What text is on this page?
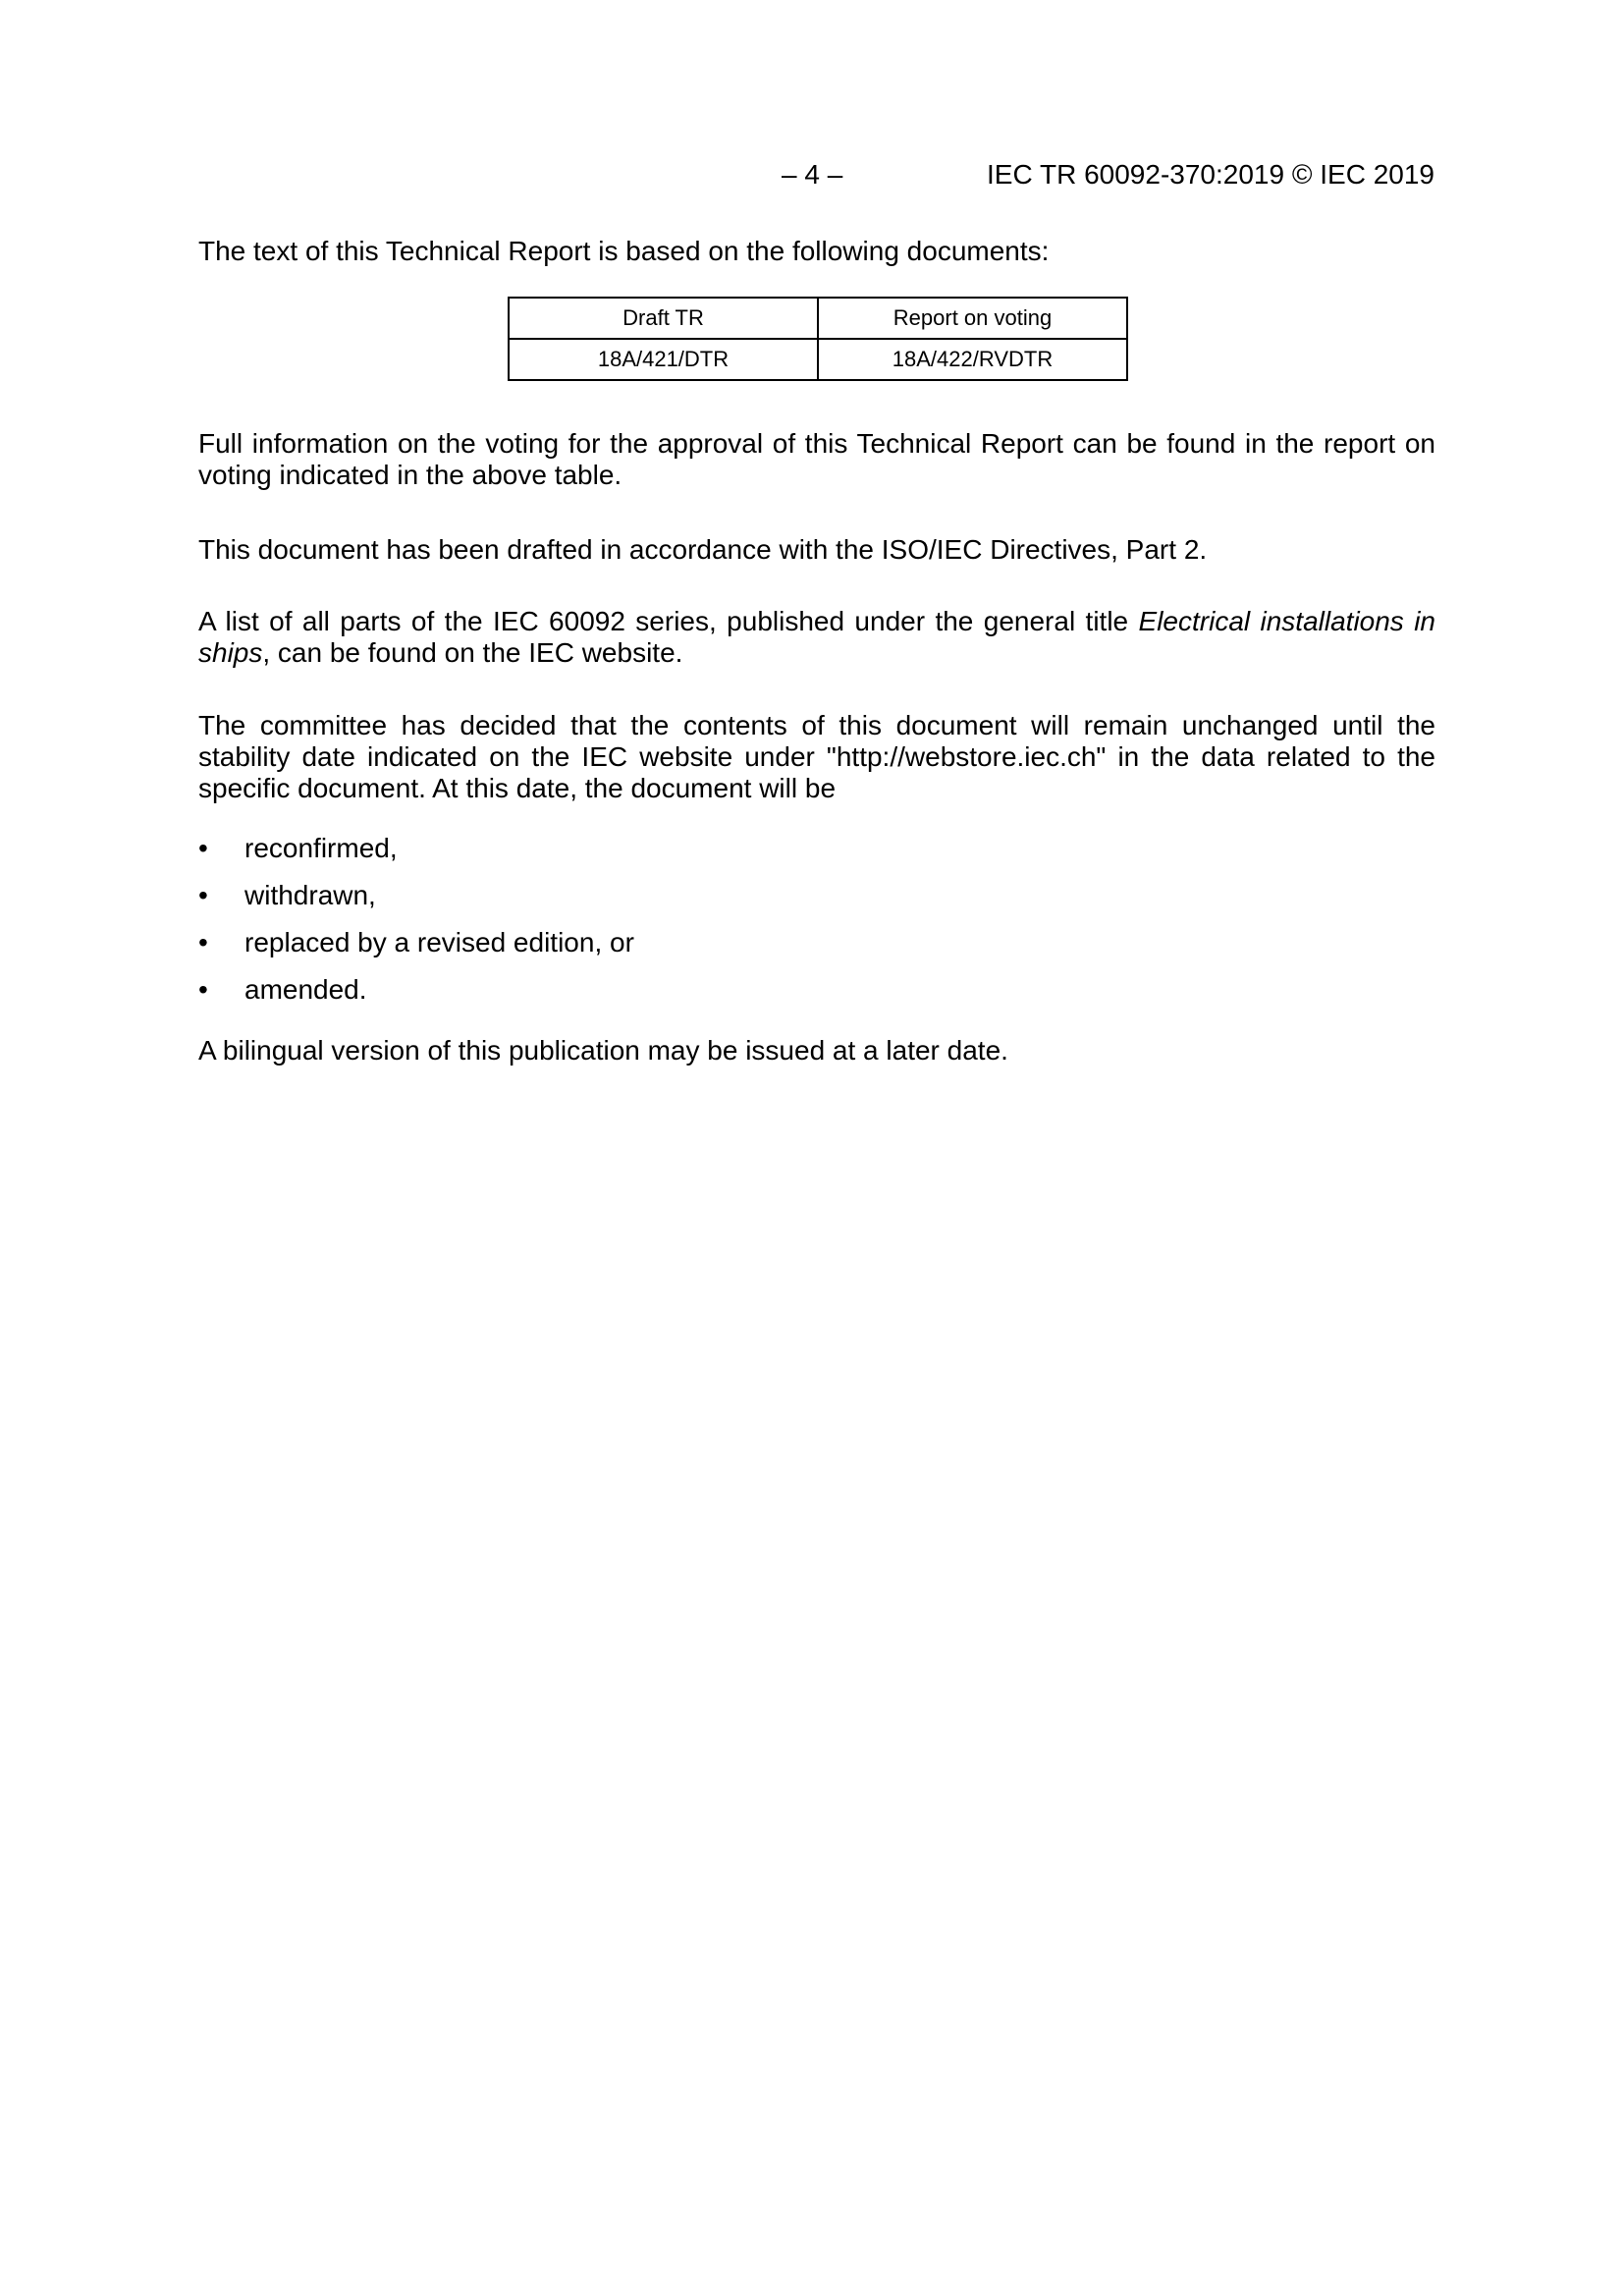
– 4 –	IEC TR 60092-370:2019 © IEC 2019

The text of this Technical Report is based on the following documents:

Draft TR	Report on voting
18A/421/DTR	18A/422/RVDTR

Full information on the voting for the approval of this Technical Report can be found in the report on voting indicated in the above table.

This document has been drafted in accordance with the ISO/IEC Directives, Part 2.

A list of all parts of the IEC 60092 series, published under the general title Electrical installations in ships, can be found on the IEC website.

The committee has decided that the contents of this document will remain unchanged until the stability date indicated on the IEC website under "http://webstore.iec.ch" in the data related to the specific document. At this date, the document will be

• reconfirmed,
• withdrawn,
• replaced by a revised edition, or
• amended.

A bilingual version of this publication may be issued at a later date.
